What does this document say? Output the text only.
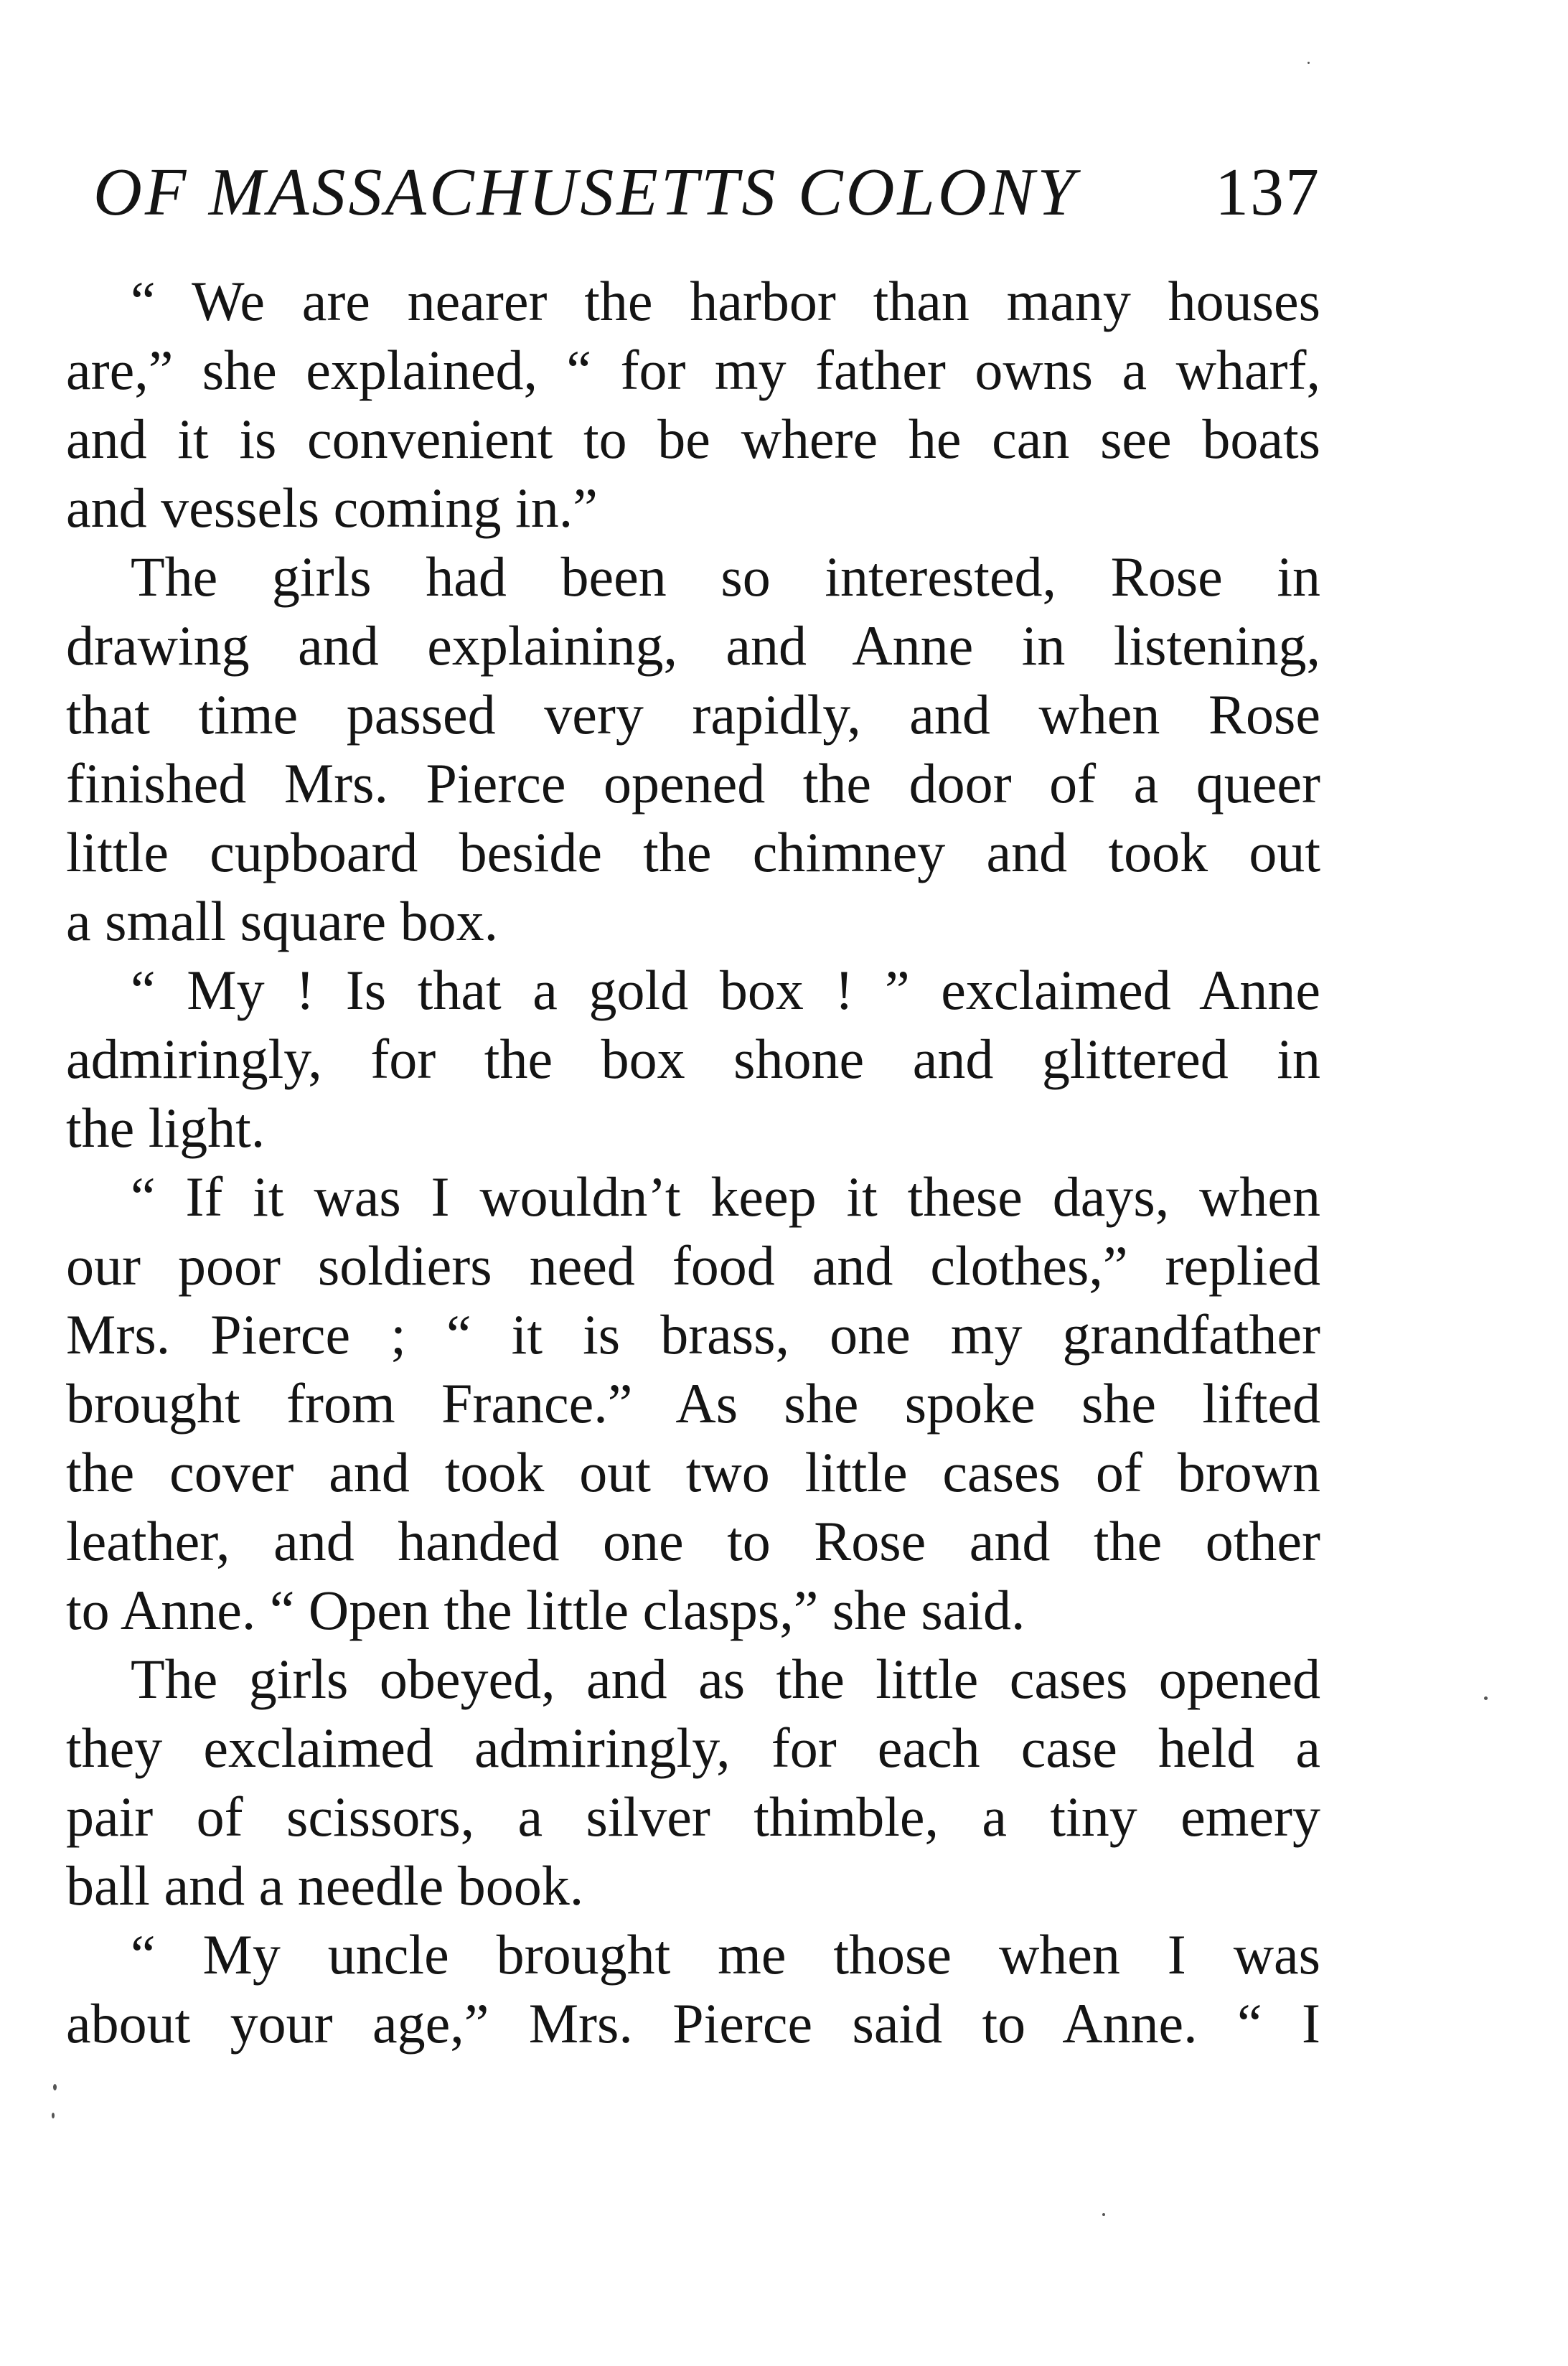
OF MASSACHUSETTS COLONY	137
“ We are nearer the harbor than many houses
are,” she explained, “ for my father owns a wharf,
and it is convenient to be where he can see boats
and vessels coming in.”
The girls had been so interested, Rose in
drawing and explaining, and Anne in listening,
that time passed very rapidly, and when Rose
finished Mrs. Pierce opened the door of a queer
little cupboard beside the chimney and took out
a small square box.
“ My ! Is that a gold box ! ” exclaimed Anne
admiringly, for the box shone and glittered in
the light.
“ If it was I wouldn’t keep it these days, when
our poor soldiers need food and clothes,” replied
Mrs. Pierce ; “ it is brass, one my grandfather
brought from France.” As she spoke she lifted
the cover and took out two little cases of brown
leather, and handed one to Rose and the other
to Anne. “ Open the little clasps,” she said.
The girls obeyed, and as the little cases opened
they exclaimed admiringly, for each case held a
pair of scissors, a silver thimble, a tiny emery
ball and a needle book.
“ My uncle brought me those when I was
about your age,” Mrs. Pierce said to Anne. “ I
